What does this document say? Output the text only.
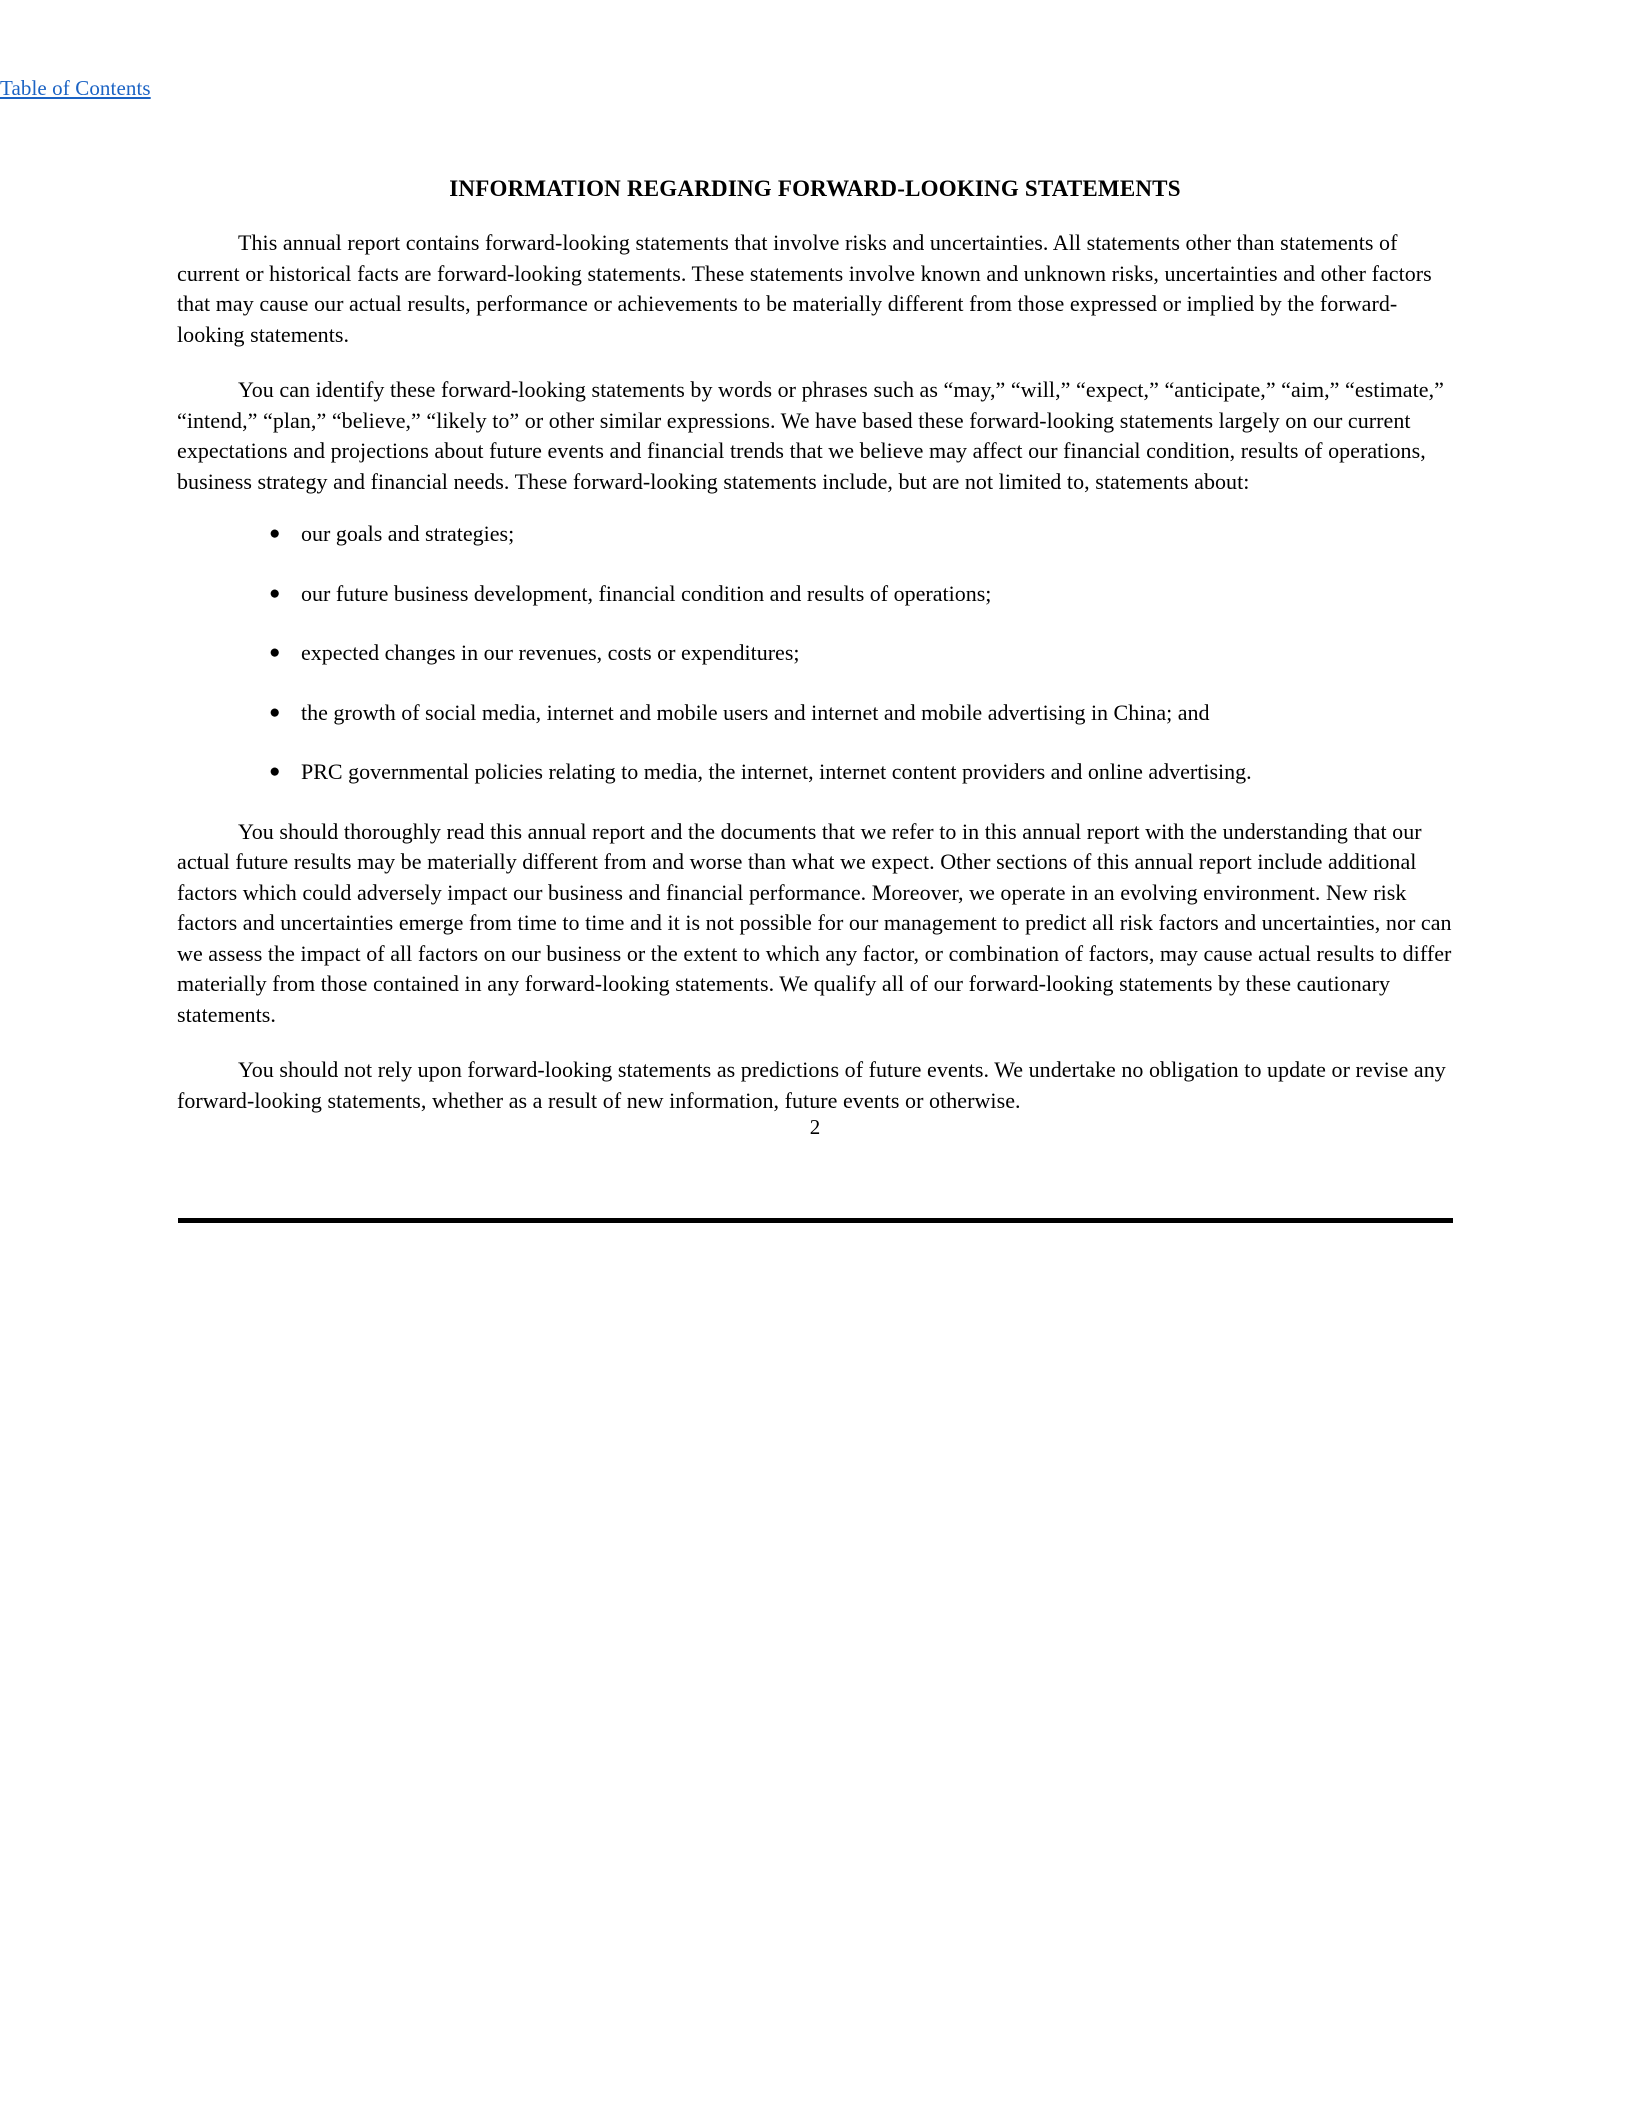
Table of Contents
INFORMATION REGARDING FORWARD-LOOKING STATEMENTS

This annual report contains forward-looking statements that involve risks and uncertainties. All statements other than statements of current or historical facts are forward-looking statements. These statements involve known and unknown risks, uncertainties and other factors that may cause our actual results, performance or achievements to be materially different from those expressed or implied by the forward-looking statements.

You can identify these forward-looking statements by words or phrases such as “may,” “will,” “expect,” “anticipate,” “aim,” “estimate,” “intend,” “plan,” “believe,” “likely to” or other similar expressions. We have based these forward-looking statements largely on our current expectations and projections about future events and financial trends that we believe may affect our financial condition, results of operations, business strategy and financial needs. These forward-looking statements include, but are not limited to, statements about:

● our goals and strategies;
● our future business development, financial condition and results of operations;
● expected changes in our revenues, costs or expenditures;
● the growth of social media, internet and mobile users and internet and mobile advertising in China; and
● PRC governmental policies relating to media, the internet, internet content providers and online advertising.

You should thoroughly read this annual report and the documents that we refer to in this annual report with the understanding that our actual future results may be materially different from and worse than what we expect. Other sections of this annual report include additional factors which could adversely impact our business and financial performance. Moreover, we operate in an evolving environment. New risk factors and uncertainties emerge from time to time and it is not possible for our management to predict all risk factors and uncertainties, nor can we assess the impact of all factors on our business or the extent to which any factor, or combination of factors, may cause actual results to differ materially from those contained in any forward-looking statements. We qualify all of our forward-looking statements by these cautionary statements.

You should not rely upon forward-looking statements as predictions of future events. We undertake no obligation to update or revise any forward-looking statements, whether as a result of new information, future events or otherwise.

2
